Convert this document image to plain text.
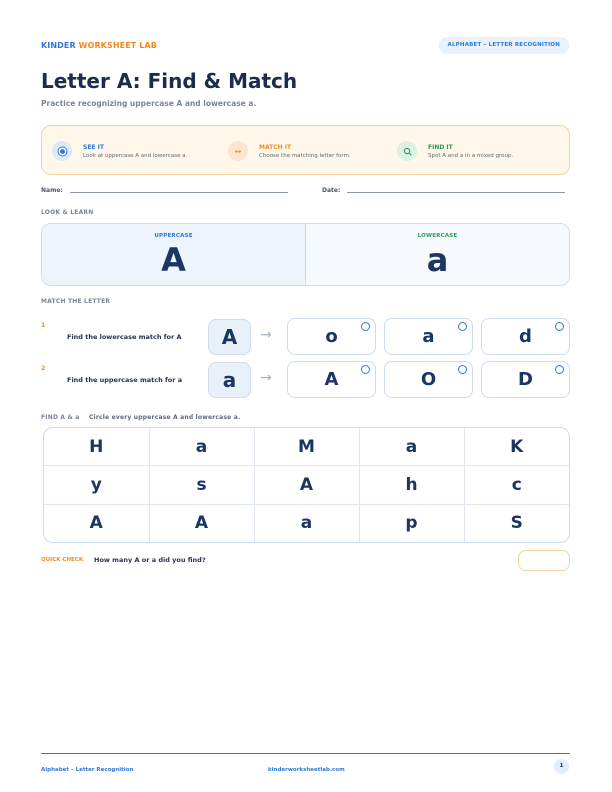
KINDER WORKSHEET LAB	ALPHABET – LETTER RECOGNITION
Letter A: Find & Match
Practice recognizing uppercase A and lowercase a.
SEE IT
Look at uppercase A and lowercase a.	↔	MATCH IT
Choose the matching letter form.
FIND IT
Spot A and a in a mixed group.
Name:	Date:
LOOK & LEARN
UPPERCASE
A
LOWERCASE
a
MATCH THE LETTER
1
Find the lowercase match for A	A	→	o	a	d
2
Find the uppercase match for a	a	→	A	O	D
FIND A & a Circle every uppercase A and lowercase a.
H	a	M	a	K
y	s	A	h	c
A	A	a	p	S
QUICK CHECK How many A or a did you find?
Alphabet – Letter Recognition	kinderworksheetlab.com
1
